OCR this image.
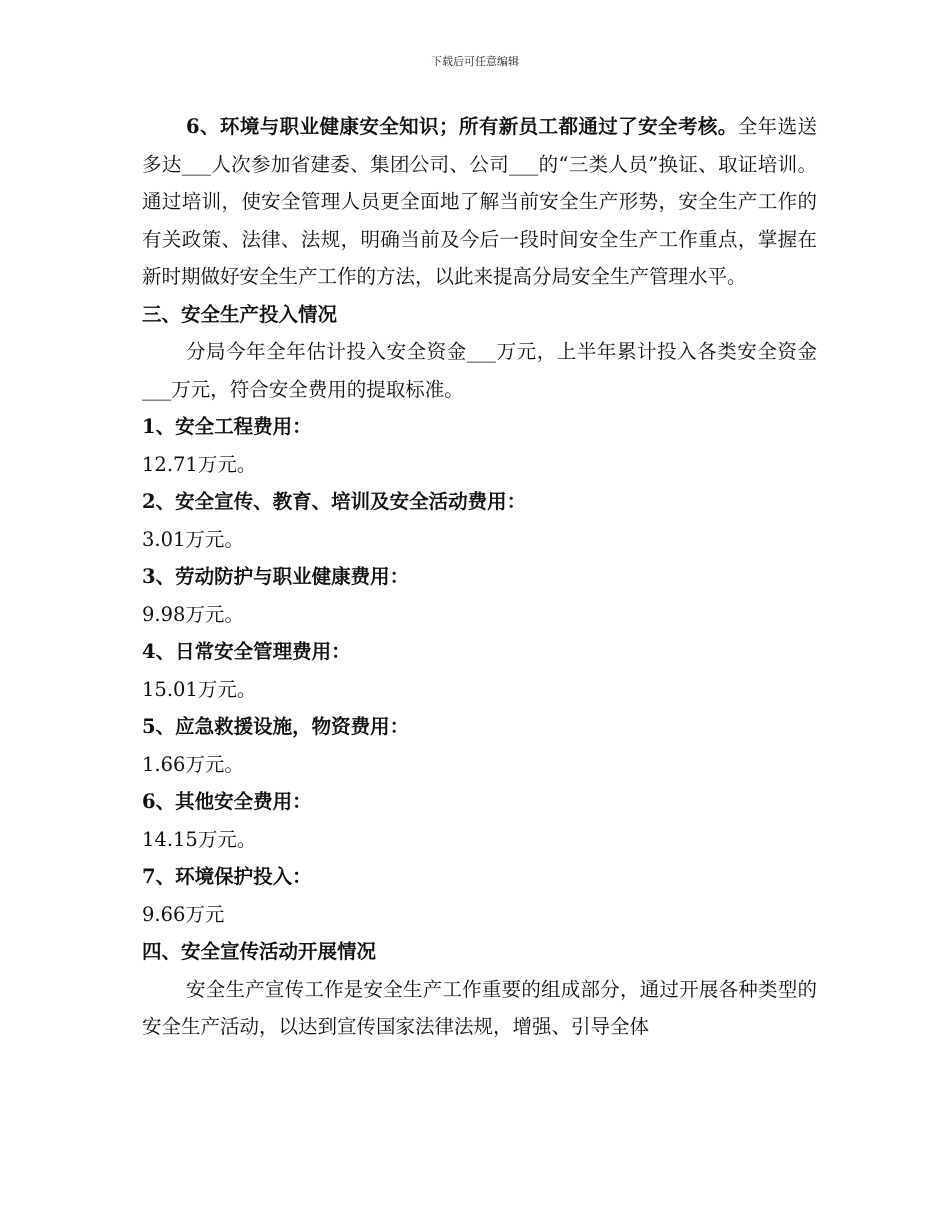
下载后可任意编辑

6、环境与职业健康安全知识；所有新员工都通过了安全考核。全年选送多达___人次参加省建委、集团公司、公司___的“三类人员”换证、取证培训。通过培训，使安全管理人员更全面地了解当前安全生产形势，安全生产工作的有关政策、法律、法规，明确当前及今后一段时间安全生产工作重点，掌握在新时期做好安全生产工作的方法，以此来提高分局安全生产管理水平。

三、安全生产投入情况

分局今年全年估计投入安全资金___万元，上半年累计投入各类安全资金___万元，符合安全费用的提取标准。

1、安全工程费用：

12.71万元。

2、安全宣传、教育、培训及安全活动费用：

3.01万元。

3、劳动防护与职业健康费用：

9.98万元。

4、日常安全管理费用：

15.01万元。

5、应急救援设施，物资费用：

1.66万元。

6、其他安全费用：

14.15万元。

7、环境保护投入：

9.66万元

四、安全宣传活动开展情况

安全生产宣传工作是安全生产工作重要的组成部分，通过开展各种类型的安全生产活动，以达到宣传国家法律法规，增强、引导全体
